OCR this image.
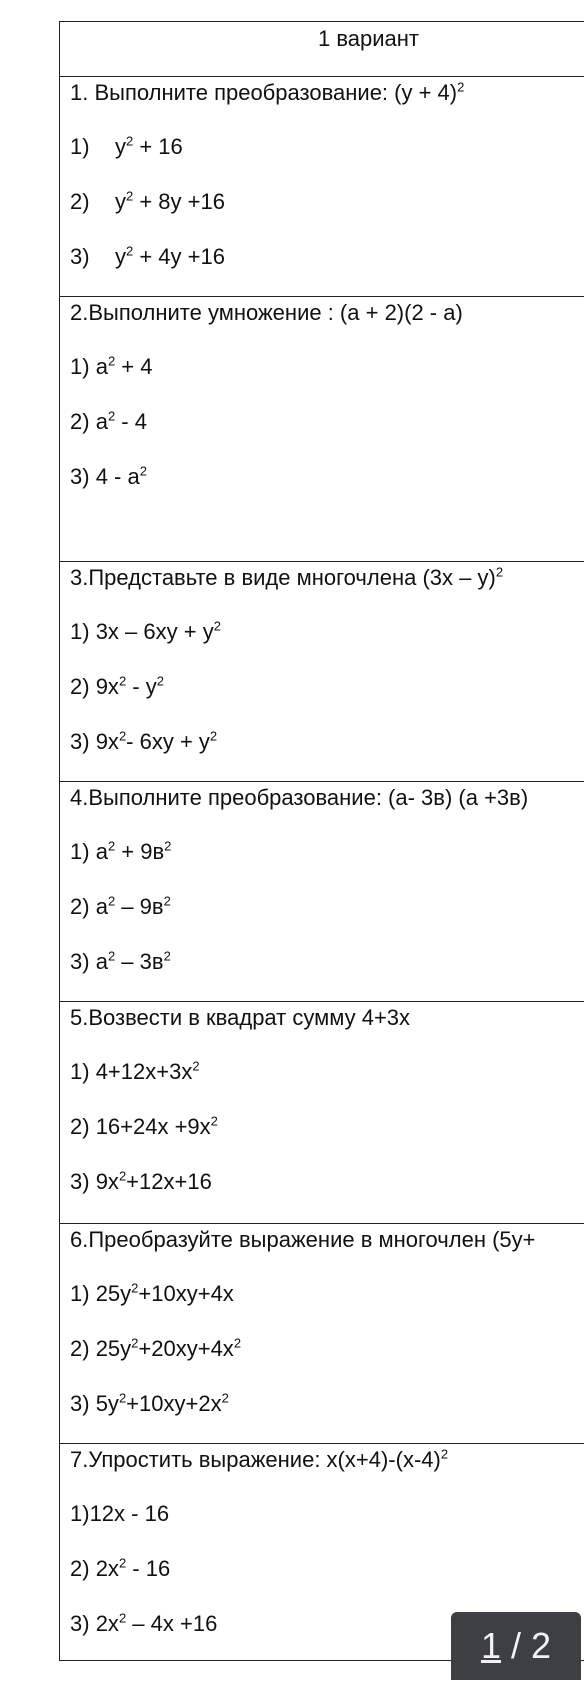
1 вариант
1. Выполните преобразование: $(y + 4)^2$
1) $y^2 + 16$
2) $y^2 + 8y +16$
3) $y^2 + 4y +16$
2.Выполните умножение : (a + 2)(2 - a)
1) $a^2 + 4$
2) $a^2 - 4$
3) $4 - a^2$
3.Представьте в виде многочлена (3x – y)$^2$
1) $3x - 6xy + y^2$
2) $9x^2 - y^2$
3) $9x^2-$ $6xy + y^2$
4.Выполните преобразование: (a- 3в) (a +3в)
1) $a^2 + 9в^2$
2) $a^2 - 9в^2$
3) $a^2 - 3в^2$
5.Возвести в квадрат сумму 4+3x
1) $4+12x+3x^2$
2) $16+24x +9x^2$
3) $9x^2+12x+16$
6.Преобразуйте выражение в многочлен (5y+
1) $25y^2+10xy+4x$
2) $25y^2+20xy+4x^2$
3) $5y^2+10xy+2x^2$
7.Упростить выражение: $x(x+4)-(x-4)^2$
1)12x - 16
2) $2x^2 - 16$
3) $2x^2 - 4x +16$
1 / 2
